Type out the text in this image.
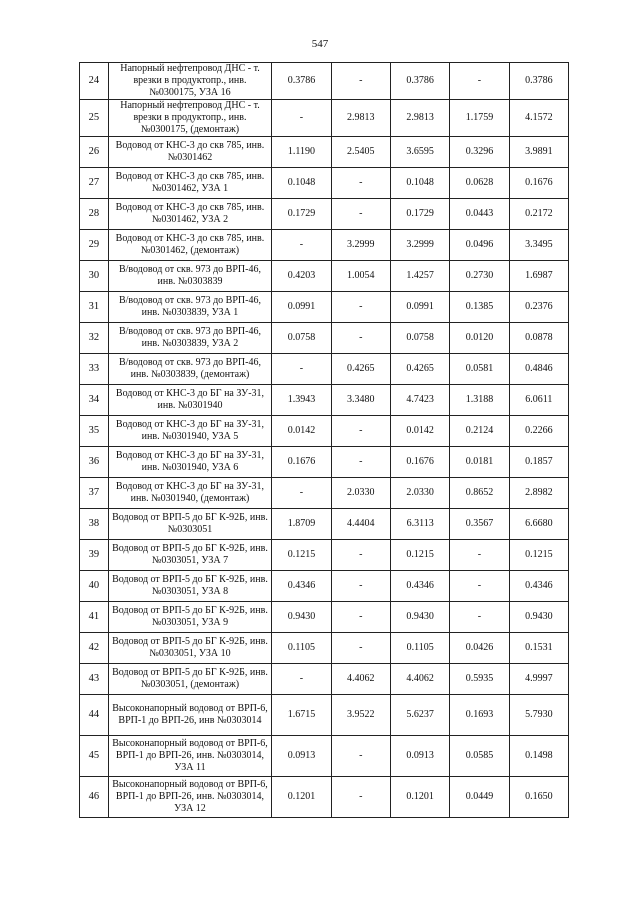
547
24	Напорный нефтепровод ДНС - т. врезки в продуктопр., инв. №0300175, УЗА 16	0.3786	-	0.3786	-	0.3786
25	Напорный нефтепровод ДНС - т. врезки в продуктопр., инв. №0300175, (демонтаж)	-	2.9813	2.9813	1.1759	4.1572
26	Водовод от КНС-3 до скв 785, инв. №0301462	1.1190	2.5405	3.6595	0.3296	3.9891
27	Водовод от КНС-3 до скв 785, инв. №0301462, УЗА 1	0.1048	-	0.1048	0.0628	0.1676
28	Водовод от КНС-3 до скв 785, инв. №0301462, УЗА 2	0.1729	-	0.1729	0.0443	0.2172
29	Водовод от КНС-3 до скв 785, инв. №0301462, (демонтаж)	-	3.2999	3.2999	0.0496	3.3495
30	В/водовод от скв. 973 до ВРП-46, инв. №0303839	0.4203	1.0054	1.4257	0.2730	1.6987
31	В/водовод от скв. 973 до ВРП-46, инв. №0303839, УЗА 1	0.0991	-	0.0991	0.1385	0.2376
32	В/водовод от скв. 973 до ВРП-46, инв. №0303839, УЗА 2	0.0758	-	0.0758	0.0120	0.0878
33	В/водовод от скв. 973 до ВРП-46, инв. №0303839, (демонтаж)	-	0.4265	0.4265	0.0581	0.4846
34	Водовод от КНС-3 до БГ на ЗУ-31, инв. №0301940	1.3943	3.3480	4.7423	1.3188	6.0611
35	Водовод от КНС-3 до БГ на ЗУ-31, инв. №0301940, УЗА 5	0.0142	-	0.0142	0.2124	0.2266
36	Водовод от КНС-3 до БГ на ЗУ-31, инв. №0301940, УЗА 6	0.1676	-	0.1676	0.0181	0.1857
37	Водовод от КНС-3 до БГ на ЗУ-31, инв. №0301940, (демонтаж)	-	2.0330	2.0330	0.8652	2.8982
38	Водовод от ВРП-5 до БГ К-92Б, инв. №0303051	1.8709	4.4404	6.3113	0.3567	6.6680
39	Водовод от ВРП-5 до БГ К-92Б, инв. №0303051, УЗА 7	0.1215	-	0.1215	-	0.1215
40	Водовод от ВРП-5 до БГ К-92Б, инв. №0303051, УЗА 8	0.4346	-	0.4346	-	0.4346
41	Водовод от ВРП-5 до БГ К-92Б, инв. №0303051, УЗА 9	0.9430	-	0.9430	-	0.9430
42	Водовод от ВРП-5 до БГ К-92Б, инв. №0303051, УЗА 10	0.1105	-	0.1105	0.0426	0.1531
43	Водовод от ВРП-5 до БГ К-92Б, инв. №0303051, (демонтаж)	-	4.4062	4.4062	0.5935	4.9997
44	Высоконапорный водовод от ВРП-6, ВРП-1 до ВРП-26, инв №0303014	1.6715	3.9522	5.6237	0.1693	5.7930
45	Высоконапорный водовод от ВРП-6, ВРП-1 до ВРП-26, инв. №0303014, УЗА 11	0.0913	-	0.0913	0.0585	0.1498
46	Высоконапорный водовод от ВРП-6, ВРП-1 до ВРП-26, инв. №0303014, УЗА 12	0.1201	-	0.1201	0.0449	0.1650
